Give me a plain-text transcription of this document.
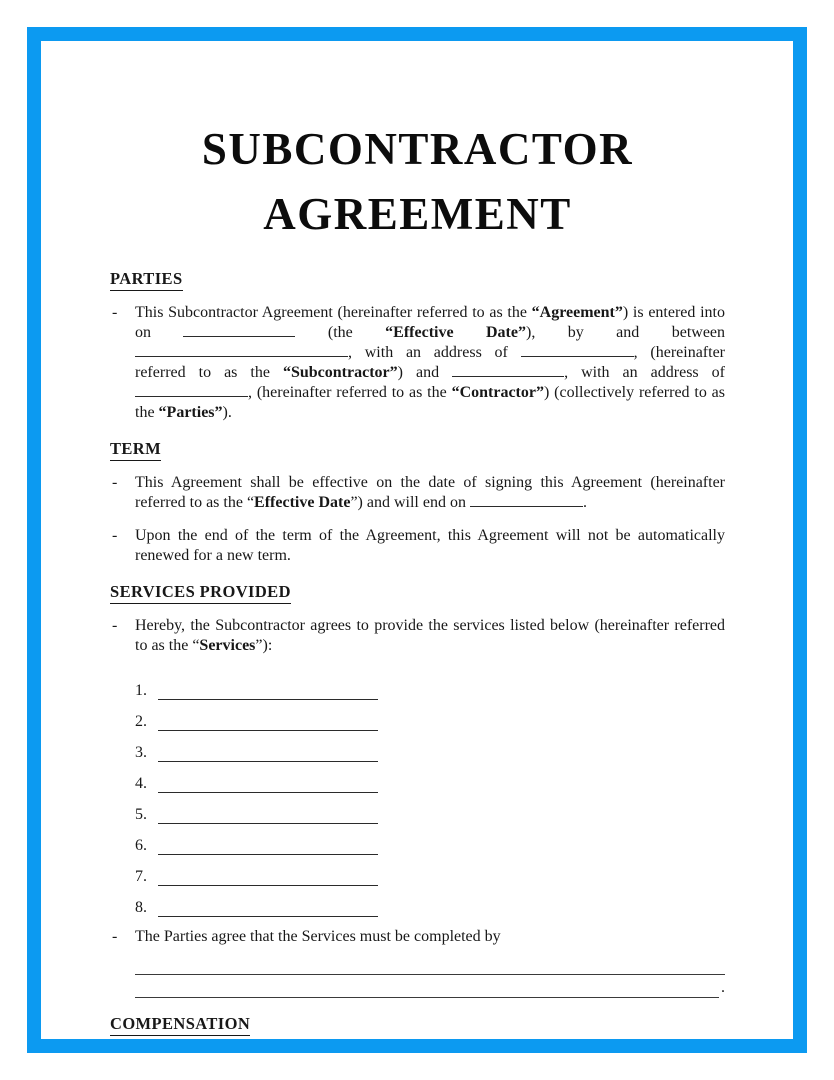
SUBCONTRACTOR
AGREEMENT
PARTIES

- This Subcontractor Agreement (hereinafter referred to as the “Agreement”) is entered into on	(the “Effective Date”), by and between , with an address of	, (hereinafter referred to as the “Subcontractor”) and	, with an address of , (hereinafter referred to as the “Contractor”) (collectively referred to as the “Parties”).

TERM

- This Agreement shall be effective on the date of signing this Agreement (hereinafter referred to as the “Effective Date”) and will end on	.

- Upon the end of the term of the Agreement, this Agreement will not be automatically renewed for a new term.

SERVICES PROVIDED

- Hereby, the Subcontractor agrees to provide the services listed below (hereinafter referred to as the “Services”):

1.
2.
3.
4.
5.
6.
7.
8.

- The Parties agree that the Services must be completed by

.
COMPENSATION
